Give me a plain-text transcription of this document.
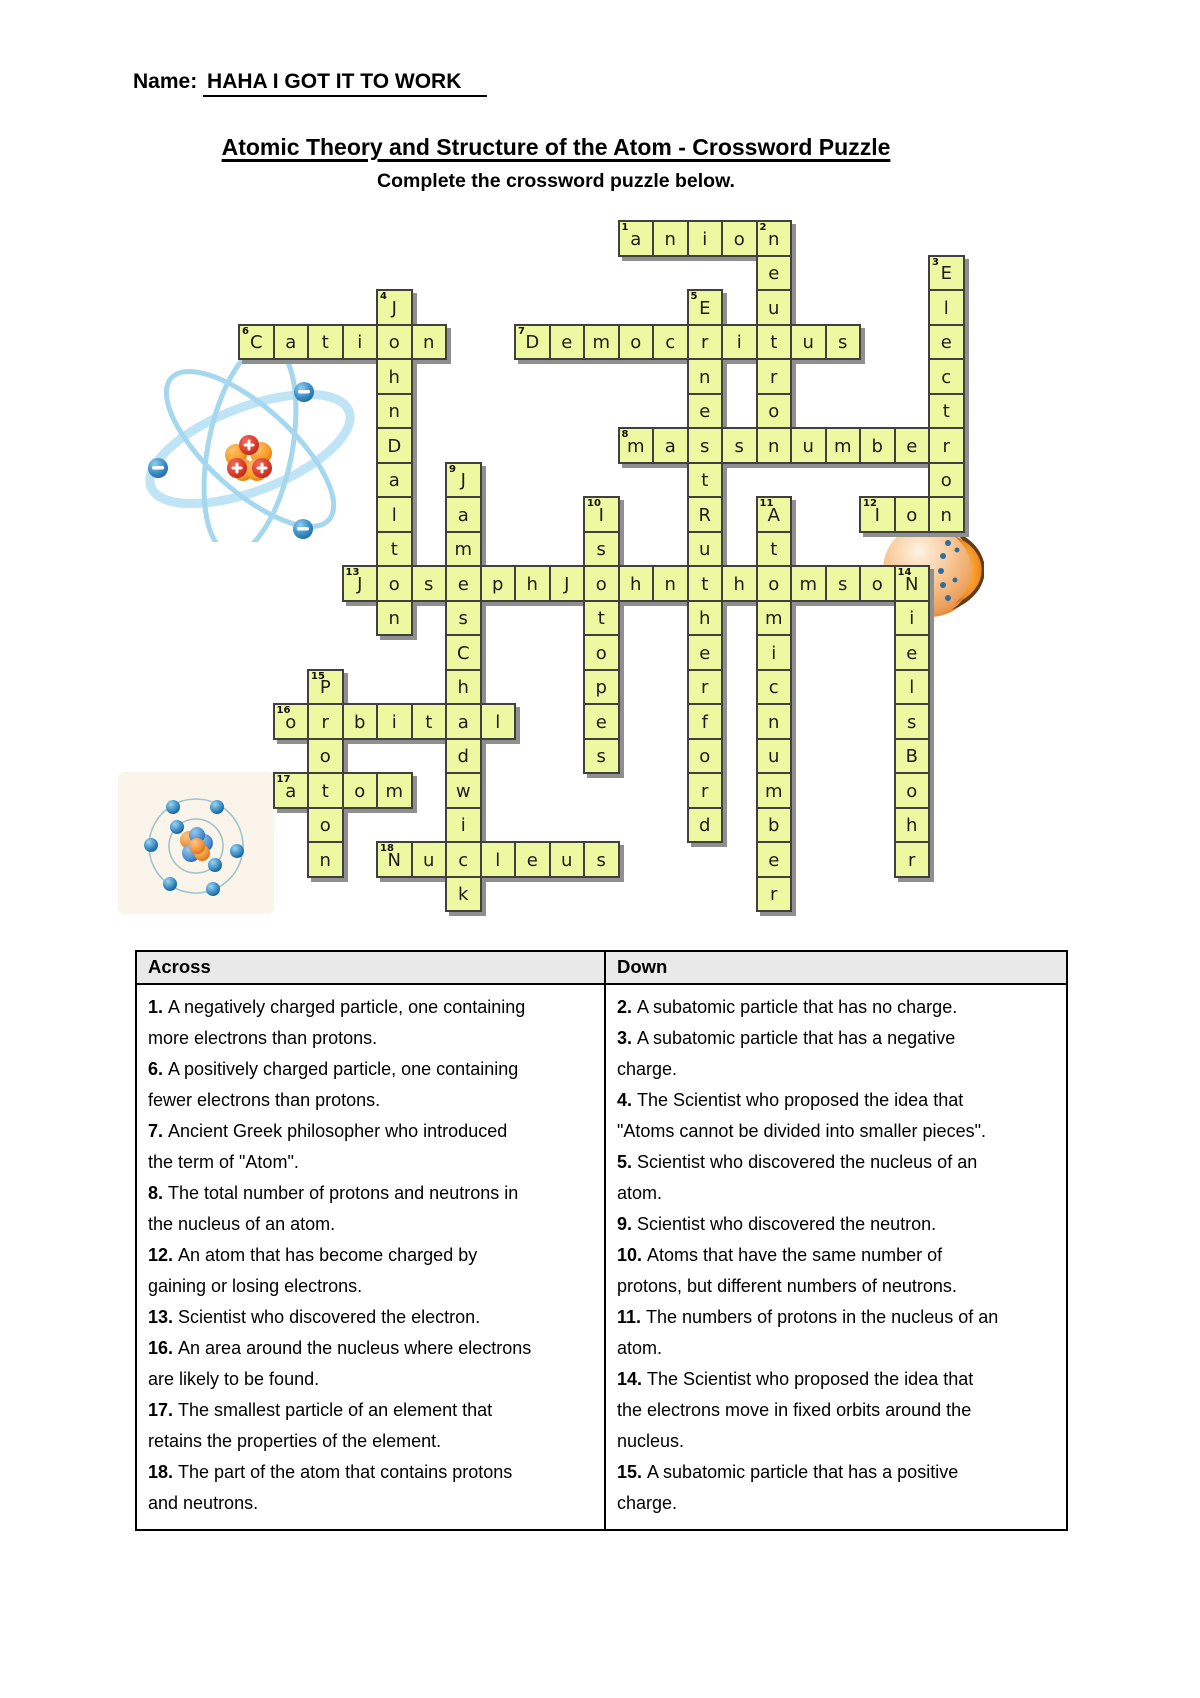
Name: HAHA I GOT IT TO WORK
Atomic Theory and Structure of the Atom - Crossword Puzzle
Complete the crossword puzzle below.
1
a n i o
2
n
e
3
E
4
J
5
E	u	l
6
C a t i o n
7
D e m o c r i t u s	e
h	n	r	c
n	e	o	t
D
8
m a s s n u m b e r
a
9
J	t	o
l	a
10
I	R
11
A
12
I o n
t	m	s	u	t
13
J o s e p h J o h n t h o m s o
14
N
n	s	t	h	m	i
C	o	e	i	e
15
P	h	p	r	c	l
16
o r b i t a l	e	f	n	s
o	d	s	o	u	B
17
a t o m	w	r	m	o
o	i	d	b	h
n
18
N u c l e u s	e	r
k	r
Across	Down
1. A negatively charged particle, one containing
more electrons than protons.
6. A positively charged particle, one containing
fewer electrons than protons.
7. Ancient Greek philosopher who introduced
the term of "Atom".
8. The total number of protons and neutrons in
the nucleus of an atom.
12. An atom that has become charged by
gaining or losing electrons.
13. Scientist who discovered the electron.
16. An area around the nucleus where electrons
are likely to be found.
17. The smallest particle of an element that
retains the properties of the element.
18. The part of the atom that contains protons
and neutrons.
2. A subatomic particle that has no charge.
3. A subatomic particle that has a negative
charge.
4. The Scientist who proposed the idea that
"Atoms cannot be divided into smaller pieces".
5. Scientist who discovered the nucleus of an
atom.
9. Scientist who discovered the neutron.
10. Atoms that have the same number of
protons, but different numbers of neutrons.
11. The numbers of protons in the nucleus of an
atom.
14. The Scientist who proposed the idea that
the electrons move in fixed orbits around the
nucleus.
15. A subatomic particle that has a positive
charge.
